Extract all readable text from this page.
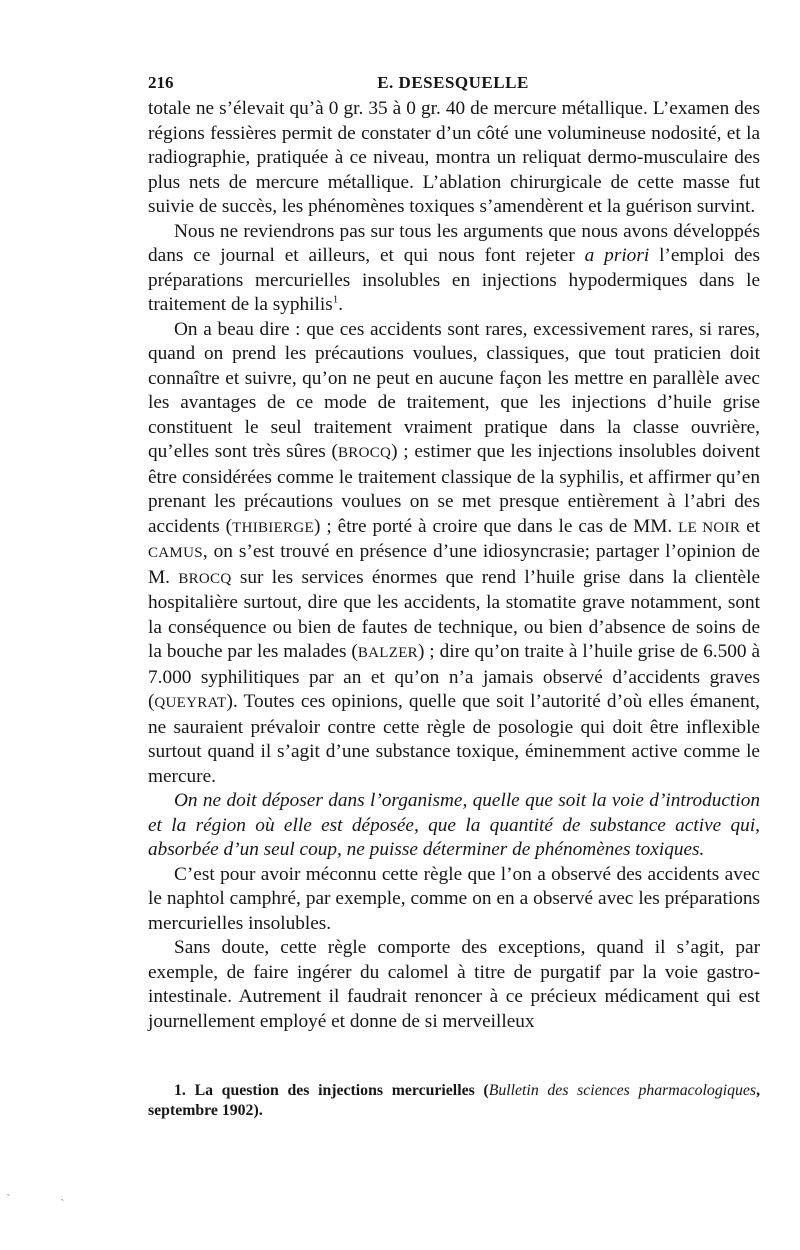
216	E. DESESQUELLE

totale ne s’élevait qu’à 0 gr. 35 à 0 gr. 40 de mercure métallique. L’examen des régions fessières permit de constater d’un côté une volumineuse nodosité, et la radiographie, pratiquée à ce niveau, montra un reliquat dermo-musculaire des plus nets de mercure métallique. L’ablation chirurgicale de cette masse fut suivie de succès, les phénomènes toxiques s’amendèrent et la guérison survint.

Nous ne reviendrons pas sur tous les arguments que nous avons développés dans ce journal et ailleurs, et qui nous font rejeter a priori l’emploi des préparations mercurielles insolubles en injections hypodermiques dans le traitement de la syphilis$^1$.

On a beau dire : que ces accidents sont rares, excessivement rares, si rares, quand on prend les précautions voulues, classiques, que tout praticien doit connaître et suivre, qu’on ne peut en aucune façon les mettre en parallèle avec les avantages de ce mode de traitement, que les injections d’huile grise constituent le seul traitement vraiment pratique dans la classe ouvrière, qu’elles sont très sûres (BROCQ) ; estimer que les injections insolubles doivent être considérées comme le traitement classique de la syphilis, et affirmer qu’en prenant les précautions voulues on se met presque entièrement à l’abri des accidents (THIBIERGE) ; être porté à croire que dans le cas de MM. LE NOIR et CAMUS, on s’est trouvé en présence d’une idiosyncrasie; partager l’opinion de M. BROCQ sur les services énormes que rend l’huile grise dans la clientèle hospitalière surtout, dire que les accidents, la stomatite grave notamment, sont la conséquence ou bien de fautes de technique, ou bien d’absence de soins de la bouche par les malades (BALZER) ; dire qu’on traite à l’huile grise de 6.500 à 7.000 syphilitiques par an et qu’on n’a jamais observé d’accidents graves (QUEYRAT). Toutes ces opinions, quelle que soit l’autorité d’où elles émanent, ne sauraient prévaloir contre cette règle de posologie qui doit être inflexible surtout quand il s’agit d’une substance toxique, éminemment active comme le mercure.

On ne doit déposer dans l’organisme, quelle que soit la voie d’introduction et la région où elle est déposée, que la quantité de substance active qui, absorbée d’un seul coup, ne puisse déterminer de phénomènes toxiques.

C’est pour avoir méconnu cette règle que l’on a observé des accidents avec le naphtol camphré, par exemple, comme on en a observé avec les préparations mercurielles insolubles.

Sans doute, cette règle comporte des exceptions, quand il s’agit, par exemple, de faire ingérer du calomel à titre de purgatif par la voie gastro-intestinale. Autrement il faudrait renoncer à ce précieux médicament qui est journellement employé et donne de si merveilleux

1. La question des injections mercurielles (Bulletin des sciences pharmacologiques, septembre 1902).
ˎ	ˎ
